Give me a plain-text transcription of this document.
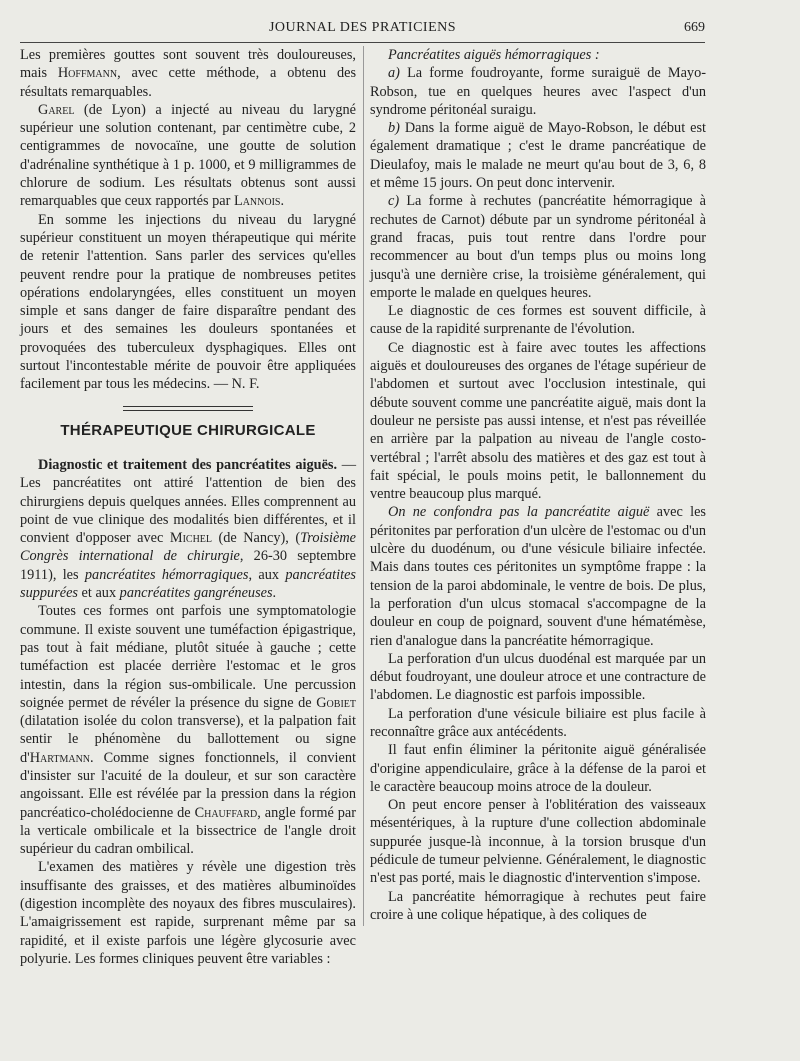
JOURNAL DES PRATICIENS	669

Les premières gouttes sont souvent très douloureuses, mais Hoffmann, avec cette méthode, a obtenu des résultats remarquables.

Garel (de Lyon) a injecté au niveau du larygné supérieur une solution contenant, par centimètre cube, 2 centigrammes de novocaïne, une goutte de solution d'adrénaline synthétique à 1 p. 1000, et 9 milligrammes de chlorure de sodium. Les résultats obtenus sont aussi remarquables que ceux rapportés par Lannois.

En somme les injections du niveau du larygné supérieur constituent un moyen thérapeutique qui mérite de retenir l'attention. Sans parler des services qu'elles peuvent rendre pour la pratique de nombreuses petites opérations endolaryngées, elles constituent un moyen simple et sans danger de faire disparaître pendant des jours et des semaines les douleurs spontanées et provoquées des tuberculeux dysphagiques. Elles ont surtout l'incontestable mérite de pouvoir être appliquées facilement par tous les médecins. — N. F.

THÉRAPEUTIQUE CHIRURGICALE

Diagnostic et traitement des pancréatites aiguës. — Les pancréatites ont attiré l'attention de bien des chirurgiens depuis quelques années. Elles comprennent au point de vue clinique des modalités bien différentes, et il convient d'opposer avec Michel (de Nancy), (Troisième Congrès international de chirurgie, 26-30 septembre 1911), les pancréatites hémorragiques, aux pancréatites suppurées et aux pancréatites gangréneuses.

Toutes ces formes ont parfois une symptomatologie commune. Il existe souvent une tuméfaction épigastrique, pas tout à fait médiane, plutôt située à gauche ; cette tuméfaction est placée derrière l'estomac et le gros intestin, dans la région sus-ombilicale. Une percussion soignée permet de révéler la présence du signe de Gobiet (dilatation isolée du colon transverse), et la palpation fait sentir le phénomène du ballottement ou signe d'Hartmann. Comme signes fonctionnels, il convient d'insister sur l'acuité de la douleur, et sur son caractère angoissant. Elle est révélée par la pression dans la région pancréatico-cholédocienne de Chauffard, angle formé par la verticale ombilicale et la bissectrice de l'angle droit supérieur du cadran ombilical.

L'examen des matières y révèle une digestion très insuffisante des graisses, et des matières albuminoïdes (digestion incomplète des noyaux des fibres musculaires). L'amaigrissement est rapide, surprenant même par sa rapidité, et il existe parfois une légère glycosurie avec polyurie. Les formes cliniques peuvent être variables :

Pancréatites aiguës hémorragiques :

a) La forme foudroyante, forme suraiguë de Mayo-Robson, tue en quelques heures avec l'aspect d'un syndrome péritonéal suraigu.

b) Dans la forme aiguë de Mayo-Robson, le début est également dramatique ; c'est le drame pancréatique de Dieulafoy, mais le malade ne meurt qu'au bout de 3, 6, 8 et même 15 jours. On peut donc intervenir.

c) La forme à rechutes (pancréatite hémorragique à rechutes de Carnot) débute par un syndrome péritonéal à grand fracas, puis tout rentre dans l'ordre pour recommencer au bout d'un temps plus ou moins long jusqu'à une dernière crise, la troisième généralement, qui emporte le malade en quelques heures.

Le diagnostic de ces formes est souvent difficile, à cause de la rapidité surprenante de l'évolution.

Ce diagnostic est à faire avec toutes les affections aiguës et douloureuses des organes de l'étage supérieur de l'abdomen et surtout avec l'occlusion intestinale, qui débute souvent comme une pancréatite aiguë, mais dont la douleur ne persiste pas aussi intense, et n'est pas réveillée en arrière par la palpation au niveau de l'angle costo-vertébral ; l'arrêt absolu des matières et des gaz est tout à fait spécial, le pouls moins petit, le ballonnement du ventre beaucoup plus marqué.

On ne confondra pas la pancréatite aiguë avec les péritonites par perforation d'un ulcère de l'estomac ou d'un ulcère du duodénum, ou d'une vésicule biliaire infectée. Mais dans toutes ces péritonites un symptôme frappe : la tension de la paroi abdominale, le ventre de bois. De plus, la perforation d'un ulcus stomacal s'accompagne de la douleur en coup de poignard, souvent d'une hématémèse, rien d'analogue dans la pancréatite hémorragique.

La perforation d'un ulcus duodénal est marquée par un début foudroyant, une douleur atroce et une contracture de l'abdomen. Le diagnostic est parfois impossible.

La perforation d'une vésicule biliaire est plus facile à reconnaître grâce aux antécédents.

Il faut enfin éliminer la péritonite aiguë généralisée d'origine appendiculaire, grâce à la défense de la paroi et le caractère beaucoup moins atroce de la douleur.

On peut encore penser à l'oblitération des vaisseaux mésentériques, à la rupture d'une collection abdominale suppurée jusque-là inconnue, à la torsion brusque d'un pédicule de tumeur pelvienne. Généralement, le diagnostic n'est pas porté, mais le diagnostic d'intervention s'impose.

La pancréatite hémorragique à rechutes peut faire croire à une colique hépatique, à des coliques de
